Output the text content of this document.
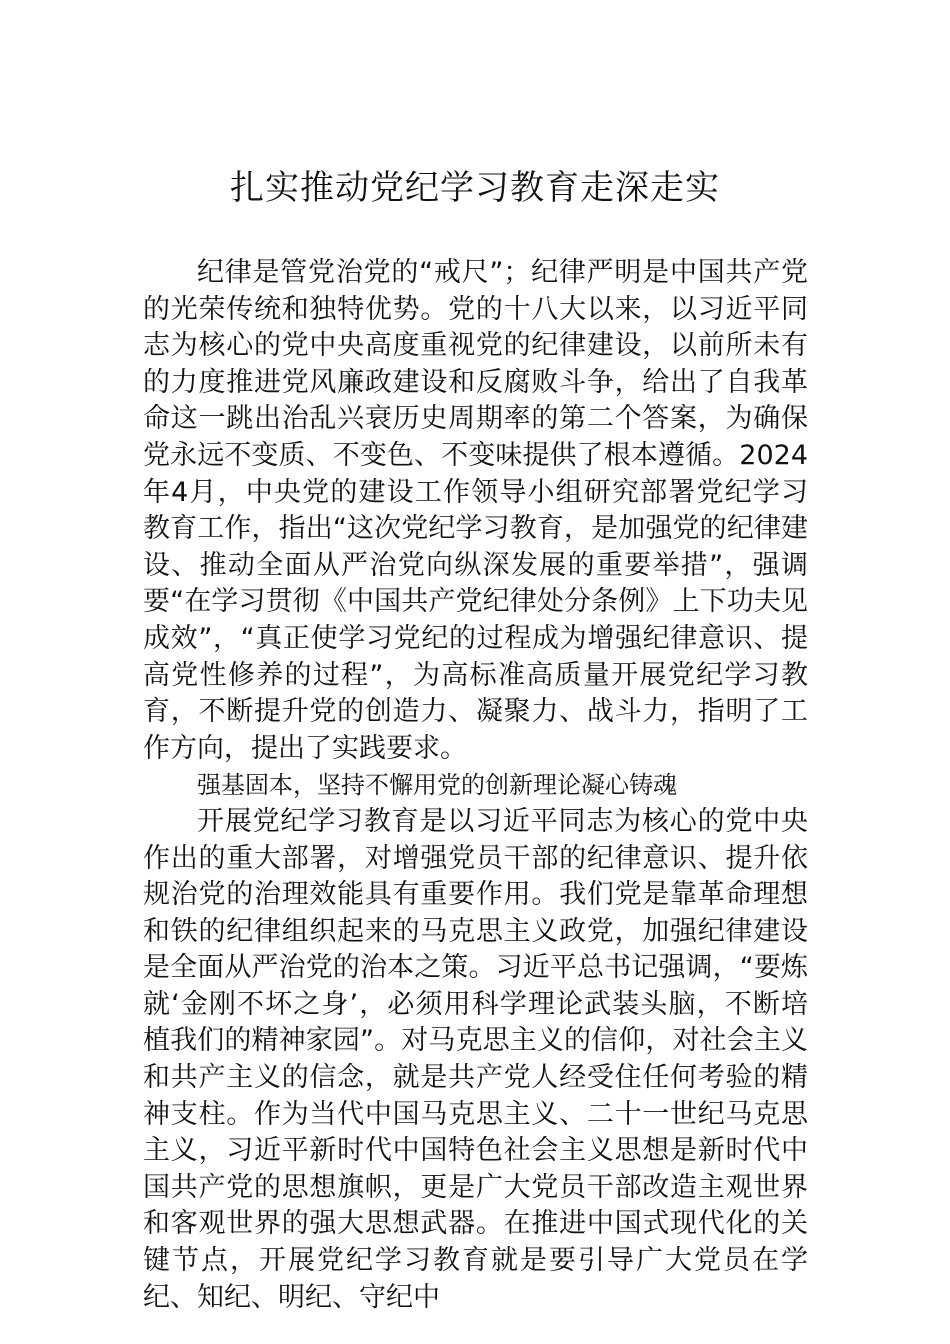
扎实推动党纪学习教育走深走实

纪律是管党治党的“戒尺”；纪律严明是中国共产党的光荣传统和独特优势。党的十八大以来，以习近平同志为核心的党中央高度重视党的纪律建设，以前所未有的力度推进党风廉政建设和反腐败斗争，给出了自我革命这一跳出治乱兴衰历史周期率的第二个答案，为确保党永远不变质、不变色、不变味提供了根本遵循。2024年4月，中央党的建设工作领导小组研究部署党纪学习教育工作，指出“这次党纪学习教育，是加强党的纪律建设、推动全面从严治党向纵深发展的重要举措”，强调要“在学习贯彻《中国共产党纪律处分条例》上下功夫见成效”，“真正使学习党纪的过程成为增强纪律意识、提高党性修养的过程”，为高标准高质量开展党纪学习教育，不断提升党的创造力、凝聚力、战斗力，指明了工作方向，提出了实践要求。

强基固本，坚持不懈用党的创新理论凝心铸魂

开展党纪学习教育是以习近平同志为核心的党中央作出的重大部署，对增强党员干部的纪律意识、提升依规治党的治理效能具有重要作用。我们党是靠革命理想和铁的纪律组织起来的马克思主义政党，加强纪律建设是全面从严治党的治本之策。习近平总书记强调，“要炼就‘金刚不坏之身’，必须用科学理论武装头脑，不断培植我们的精神家园”。对马克思主义的信仰，对社会主义和共产主义的信念，就是共产党人经受住任何考验的精神支柱。作为当代中国马克思主义、二十一世纪马克思主义，习近平新时代中国特色社会主义思想是新时代中国共产党的思想旗帜，更是广大党员干部改造主观世界和客观世界的强大思想武器。在推进中国式现代化的关键节点，开展党纪学习教育就是要引导广大党员在学纪、知纪、明纪、守纪中
